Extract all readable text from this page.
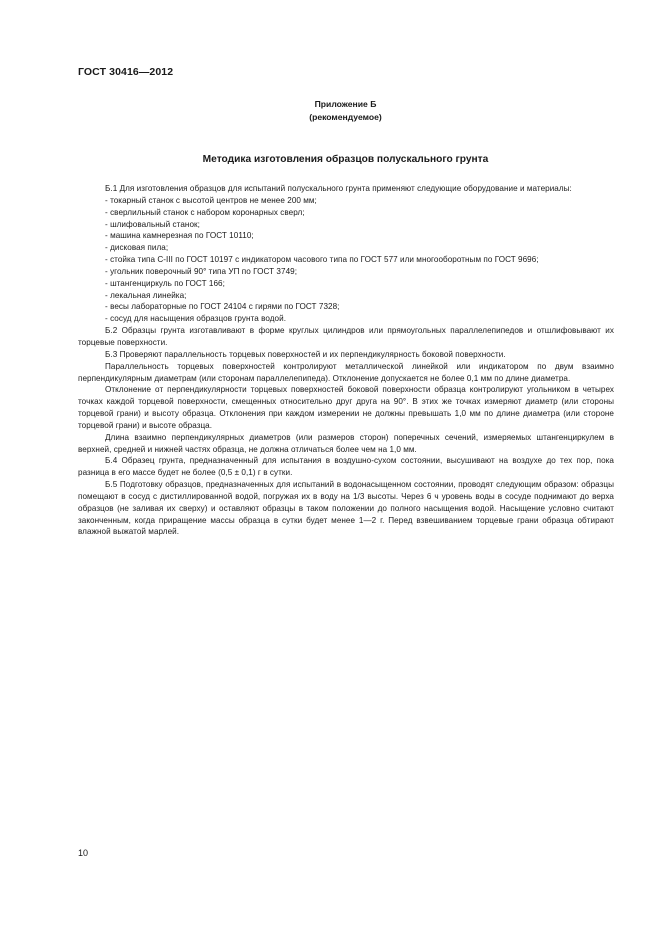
ГОСТ 30416—2012
Приложение Б
(рекомендуемое)
Методика изготовления образцов полускального грунта

Б.1 Для изготовления образцов для испытаний полускального грунта применяют следующие оборудование и материалы:

- токарный станок с высотой центров не менее 200 мм;

- сверлильный станок с набором коронарных сверл;

- шлифовальный станок;

- машина камнерезная по ГОСТ 10110;

- дисковая пила;

- стойка типа С-III по ГОСТ 10197 с индикатором часового типа по ГОСТ 577 или многооборотным по ГОСТ 9696;

- угольник поверочный 90° типа УП по ГОСТ 3749;

- штангенциркуль по ГОСТ 166;

- лекальная линейка;

- весы лабораторные по ГОСТ 24104 с гирями по ГОСТ 7328;

- сосуд для насыщения образцов грунта водой.

Б.2 Образцы грунта изготавливают в форме круглых цилиндров или прямоугольных параллелепипедов и отшлифовывают их торцевые поверхности.

Б.3 Проверяют параллельность торцевых поверхностей и их перпендикулярность боковой поверхности.

Параллельность торцевых поверхностей контролируют металлической линейкой или индикатором по двум взаимно перпендикулярным диаметрам (или сторонам параллелепипеда). Отклонение допускается не более 0,1 мм по длине диаметра.

Отклонение от перпендикулярности торцевых поверхностей боковой поверхности образца контролируют угольником в четырех точках каждой торцевой поверхности, смещенных относительно друг друга на 90°. В этих же точках измеряют диаметр (или стороны торцевой грани) и высоту образца. Отклонения при каждом измерении не должны превышать 1,0 мм по длине диаметра (или стороне торцевой грани) и высоте образца.

Длина взаимно перпендикулярных диаметров (или размеров сторон) поперечных сечений, измеряемых штангенциркулем в верхней, средней и нижней частях образца, не должна отличаться более чем на 1,0 мм.

Б.4 Образец грунта, предназначенный для испытания в воздушно-сухом состоянии, высушивают на воздухе до тех пор, пока разница в его массе будет не более (0,5 ± 0,1) г в сутки.

Б.5 Подготовку образцов, предназначенных для испытаний в водонасыщенном состоянии, проводят следующим образом: образцы помещают в сосуд с дистиллированной водой, погружая их в воду на 1/3 высоты. Через 6 ч уровень воды в сосуде поднимают до верха образцов (не заливая их сверху) и оставляют образцы в таком положении до полного насыщения водой. Насыщение условно считают законченным, когда приращение массы образца в сутки будет менее 1—2 г. Перед взвешиванием торцевые грани образца обтирают влажной выжатой марлей.

10
